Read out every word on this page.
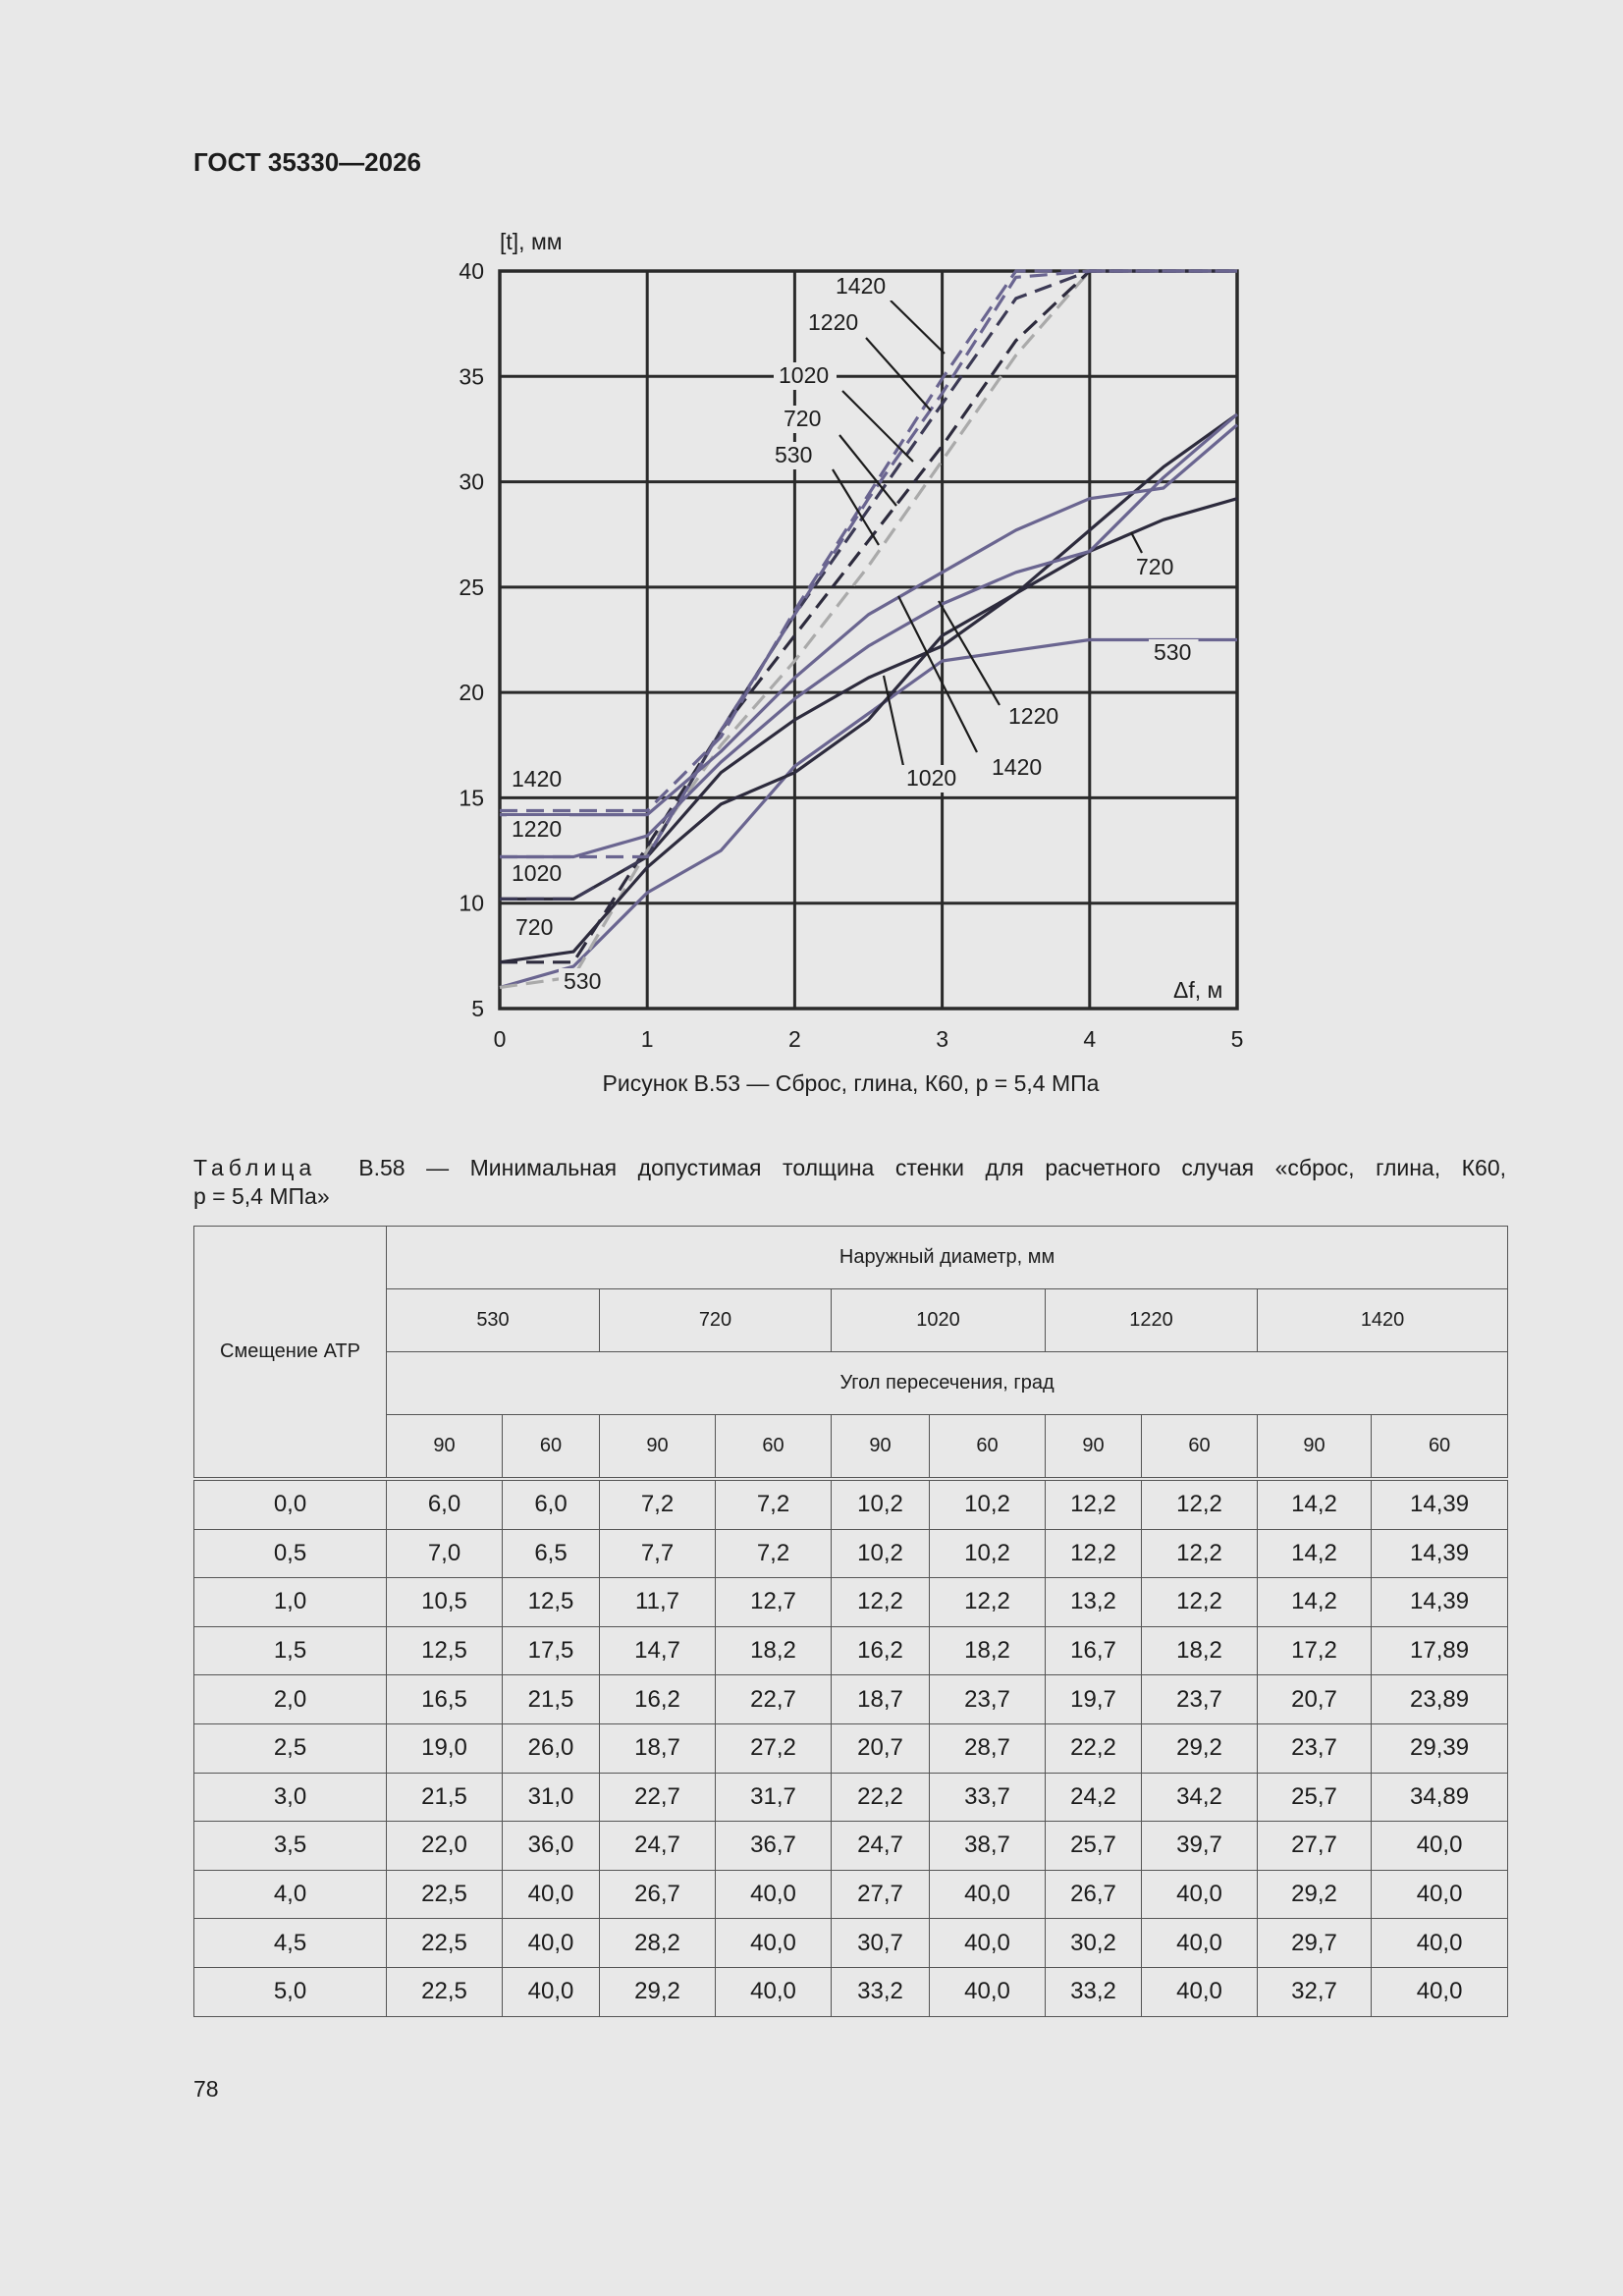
ГОСТ 35330—2026
1420
1220
1020
720
530
720
530
1220
1420
1020
1420
1220
1020
720
530
0	1	2	3	4	5
5
10
15
20
25
30
35
40
[t], мм
Δf, м
Рисунок В.53 — Сброс, глина, К60, р = 5,4 МПа
Таблица В.58 — Минимальная допустимая толщина стенки для расчетного случая «сброс, глина, К60,
р = 5,4 МПа»
Смещение АТР	Наружный диаметр, мм									
	530		720		1020		1220		1420	
	Угол пересечения, град									
	90	60	90	60	90	60	90	60	90	60
0,0	6,0	6,0	7,2	7,2	10,2	10,2	12,2	12,2	14,2	14,39
0,5	7,0	6,5	7,7	7,2	10,2	10,2	12,2	12,2	14,2	14,39
1,0	10,5	12,5	11,7	12,7	12,2	12,2	13,2	12,2	14,2	14,39
1,5	12,5	17,5	14,7	18,2	16,2	18,2	16,7	18,2	17,2	17,89
2,0	16,5	21,5	16,2	22,7	18,7	23,7	19,7	23,7	20,7	23,89
2,5	19,0	26,0	18,7	27,2	20,7	28,7	22,2	29,2	23,7	29,39
3,0	21,5	31,0	22,7	31,7	22,2	33,7	24,2	34,2	25,7	34,89
3,5	22,0	36,0	24,7	36,7	24,7	38,7	25,7	39,7	27,7	40,0
4,0	22,5	40,0	26,7	40,0	27,7	40,0	26,7	40,0	29,2	40,0
4,5	22,5	40,0	28,2	40,0	30,7	40,0	30,2	40,0	29,7	40,0
5,0	22,5	40,0	29,2	40,0	33,2	40,0	33,2	40,0	32,7	40,0
78
